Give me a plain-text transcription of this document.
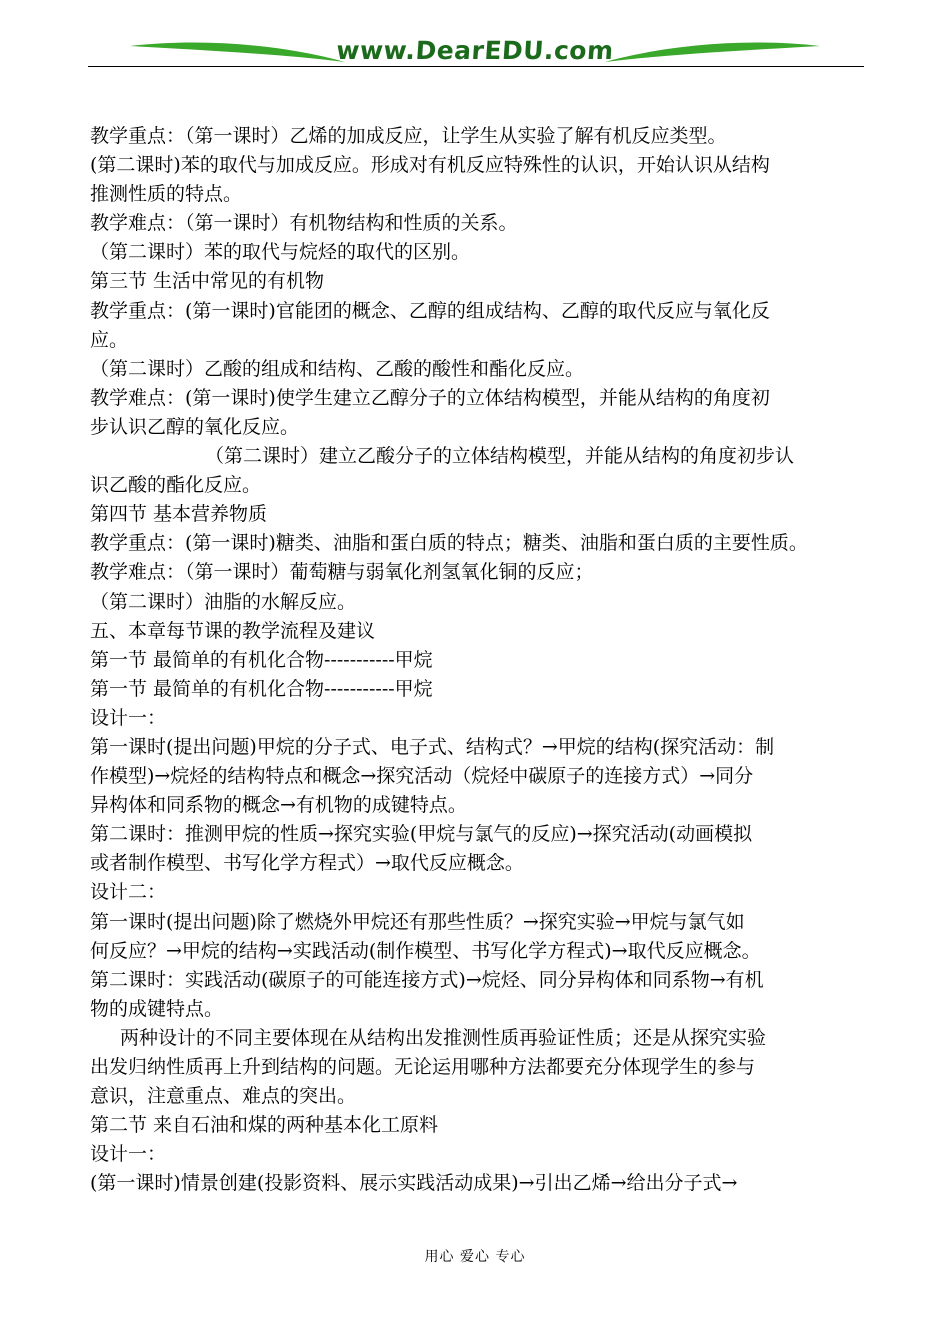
www.DearEDU.com
教学重点：（第一课时）乙烯的加成反应，让学生从实验了解有机反应类型。
(第二课时)苯的取代与加成反应。形成对有机反应特殊性的认识，开始认识从结构
推测性质的特点。
教学难点：（第一课时）有机物结构和性质的关系。
（第二课时）苯的取代与烷烃的取代的区别。
第三节 生活中常见的有机物
教学重点：(第一课时)官能团的概念、乙醇的组成结构、乙醇的取代反应与氧化反
应。
（第二课时）乙酸的组成和结构、乙酸的酸性和酯化反应。
教学难点：(第一课时)使学生建立乙醇分子的立体结构模型，并能从结构的角度初
步认识乙醇的氧化反应。
（第二课时）建立乙酸分子的立体结构模型，并能从结构的角度初步认
识乙酸的酯化反应。
第四节 基本营养物质
教学重点：(第一课时)糖类、油脂和蛋白质的特点；糖类、油脂和蛋白质的主要性质。
教学难点：（第一课时）葡萄糖与弱氧化剂氢氧化铜的反应；
（第二课时）油脂的水解反应。
五、本章每节课的教学流程及建议
第一节 最简单的有机化合物-----------甲烷
第一节 最简单的有机化合物-----------甲烷
设计一：
第一课时(提出问题)甲烷的分子式、电子式、结构式？→甲烷的结构(探究活动：制
作模型)→烷烃的结构特点和概念→探究活动（烷烃中碳原子的连接方式）→同分
异构体和同系物的概念→有机物的成键特点。
第二课时：推测甲烷的性质→探究实验(甲烷与氯气的反应)→探究活动(动画模拟
或者制作模型、书写化学方程式）→取代反应概念。
设计二：
第一课时(提出问题)除了燃烧外甲烷还有那些性质？→探究实验→甲烷与氯气如
何反应？→甲烷的结构→实践活动(制作模型、书写化学方程式)→取代反应概念。
第二课时：实践活动(碳原子的可能连接方式)→烷烃、同分异构体和同系物→有机
物的成键特点。
两种设计的不同主要体现在从结构出发推测性质再验证性质；还是从探究实验
出发归纳性质再上升到结构的问题。无论运用哪种方法都要充分体现学生的参与
意识，注意重点、难点的突出。
第二节 来自石油和煤的两种基本化工原料
设计一：
(第一课时)情景创建(投影资料、展示实践活动成果)→引出乙烯→给出分子式→
用心 爱心 专心
